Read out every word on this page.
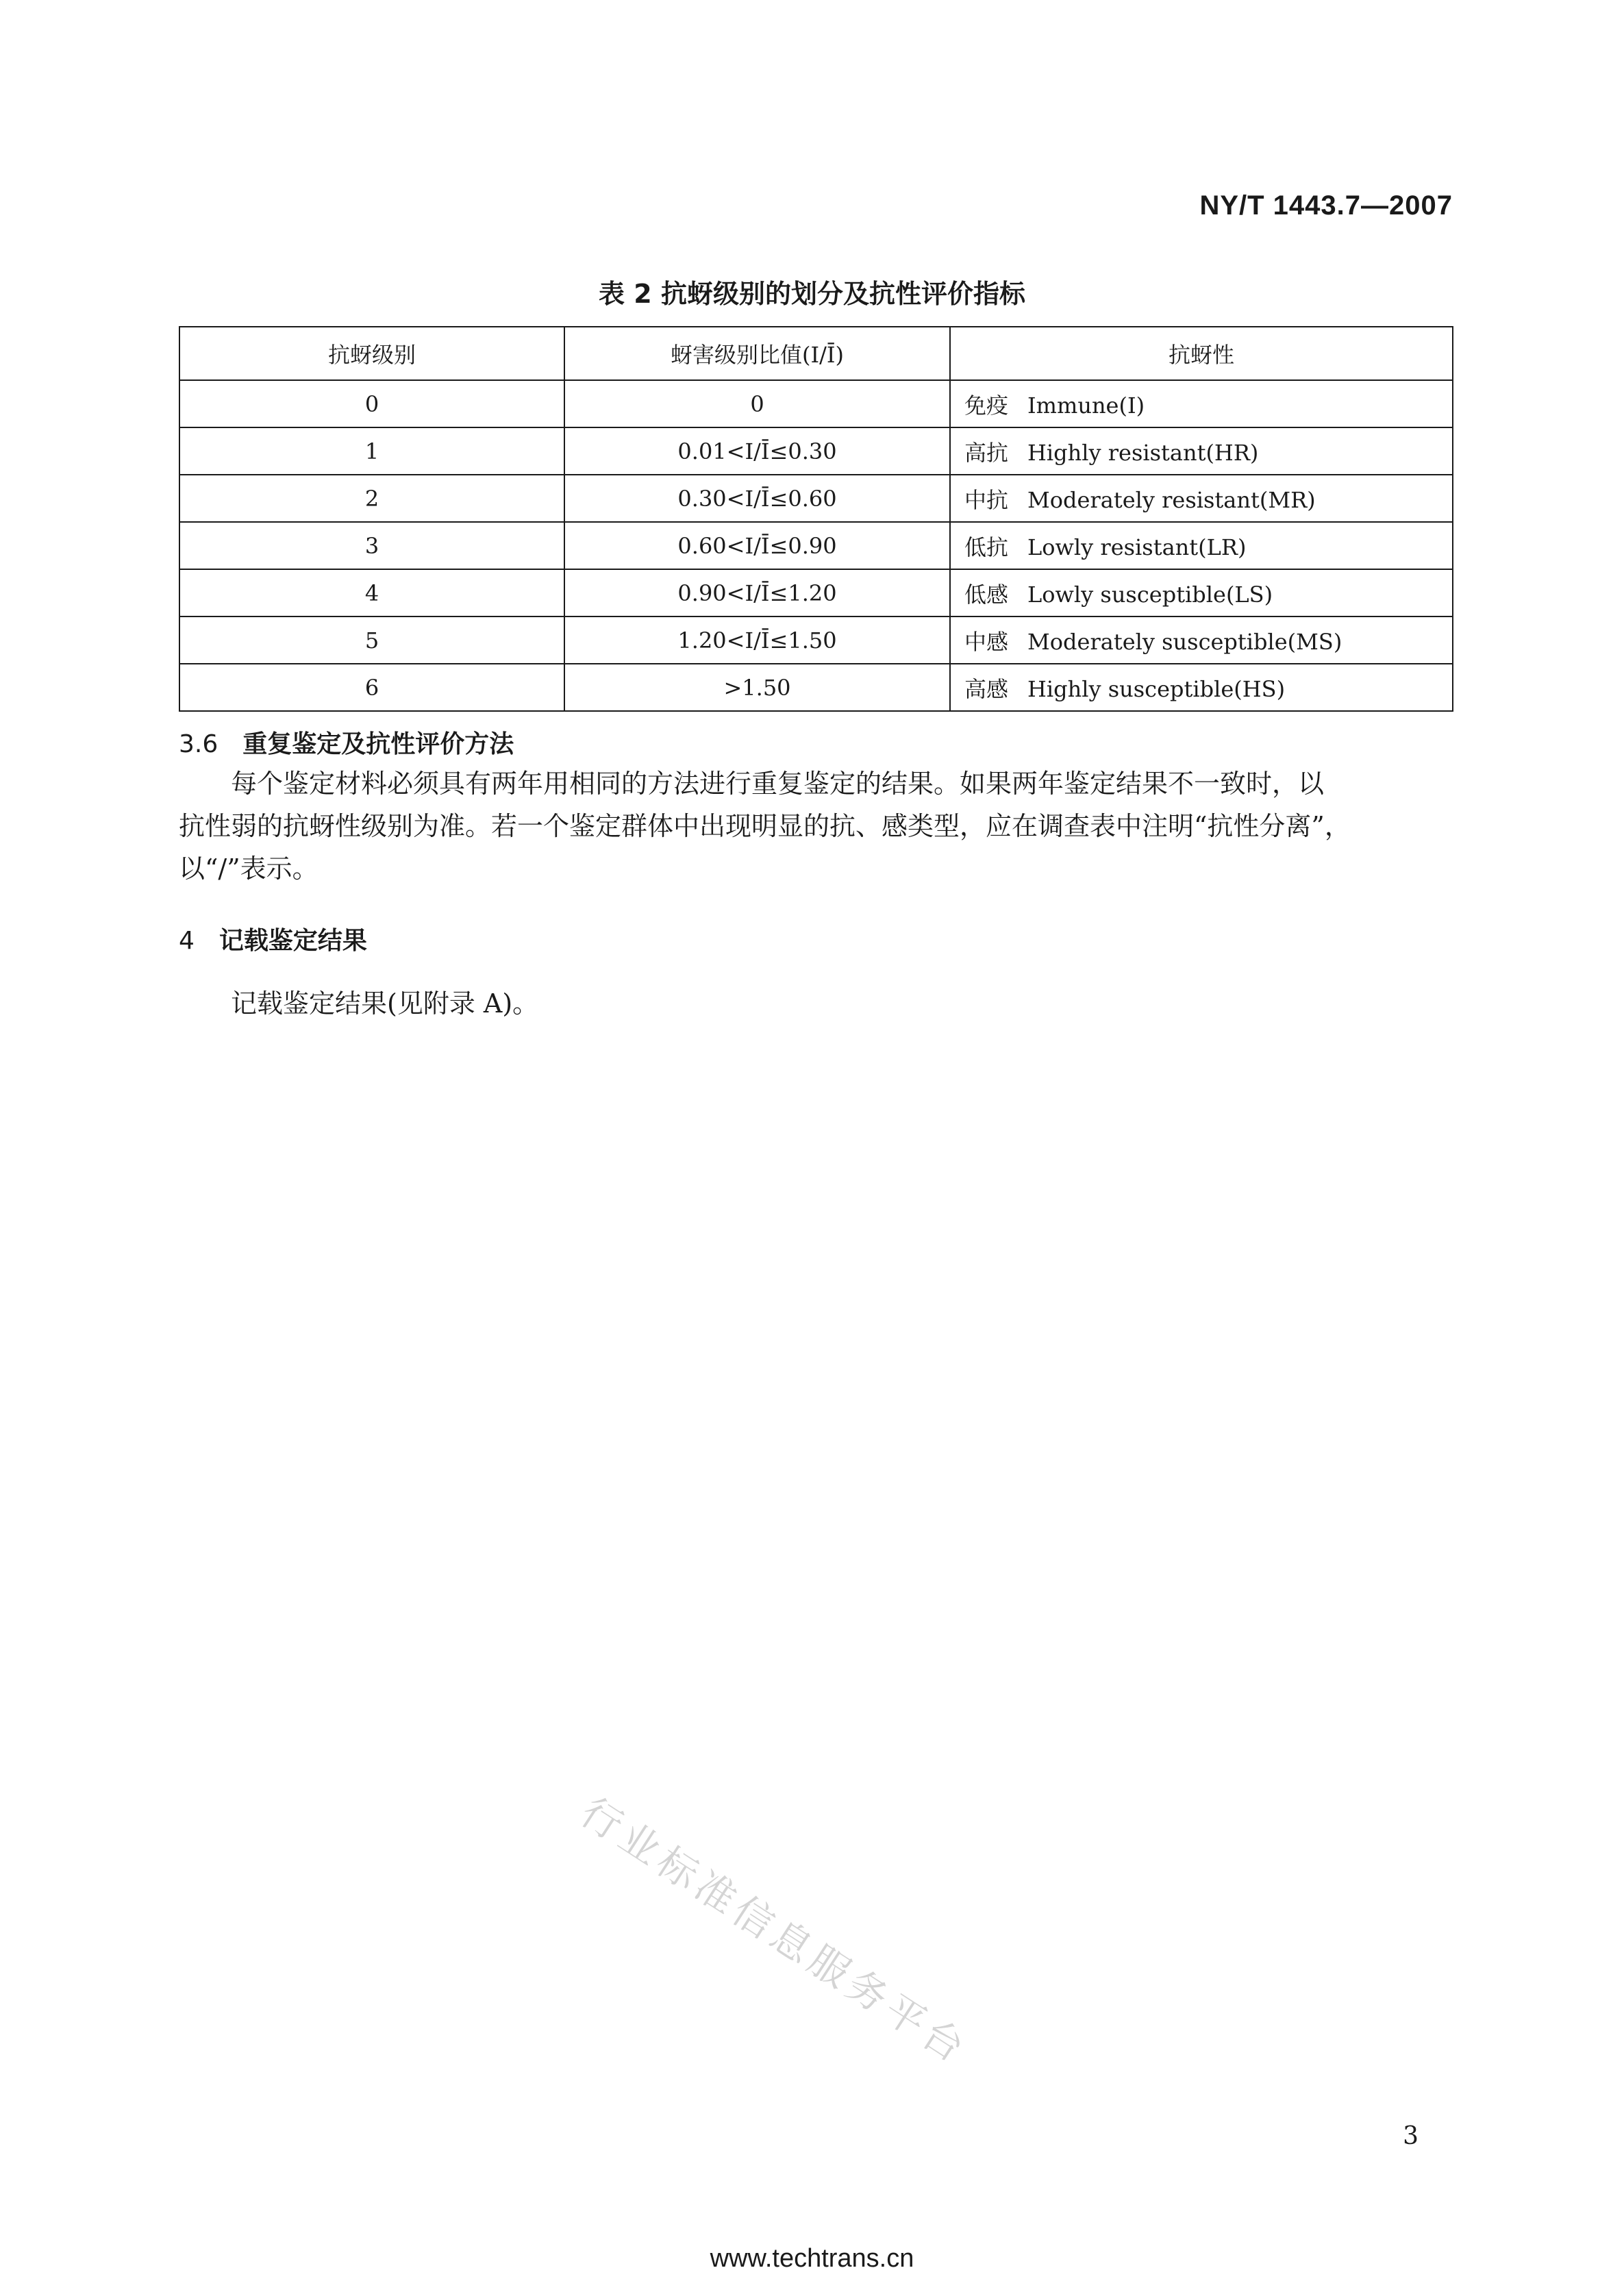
NY/T 1443.7—2007
表 2 抗蚜级别的划分及抗性评价指标
抗蚜级别	蚜害级别比值(I/Ī)	抗蚜性
0	0	免疫 Immune(I)
1	0.01<I/Ī≤0.30	高抗 Highly resistant(HR)
2	0.30<I/Ī≤0.60	中抗 Moderately resistant(MR)
3	0.60<I/Ī≤0.90	低抗 Lowly resistant(LR)
4	0.90<I/Ī≤1.20	低感 Lowly susceptible(LS)
5	1.20<I/Ī≤1.50	中感 Moderately susceptible(MS)
6	>1.50	高感 Highly susceptible(HS)
3.6 重复鉴定及抗性评价方法
每个鉴定材料必须具有两年用相同的方法进行重复鉴定的结果。如果两年鉴定结果不一致时，以
抗性弱的抗蚜性级别为准。若一个鉴定群体中出现明显的抗、感类型，应在调查表中注明“抗性分离”，
以“/”表示。
4 记载鉴定结果
记载鉴定结果(见附录 A)。
行业标准信息服务平台
3
www.techtrans.cn
